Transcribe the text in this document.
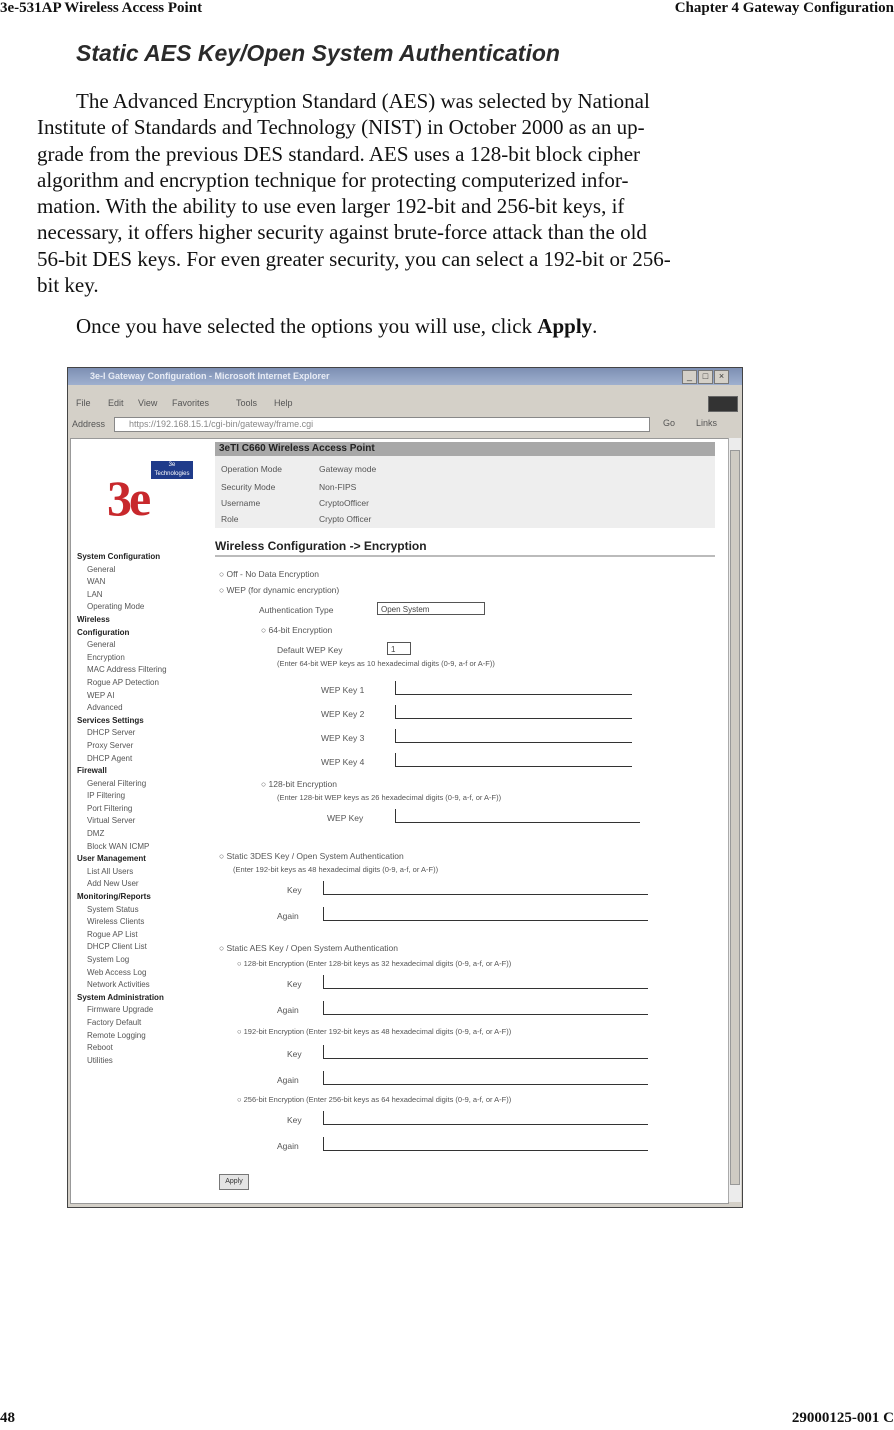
3e-531AP Wireless Access Point	Chapter 4 Gateway Configuration
Static AES Key/Open System Authentication

The Advanced Encryption Standard (AES) was selected by National
Institute of Standards and Technology (NIST) in October 2000 as an up-
grade from the previous DES standard. AES uses a 128-bit block cipher
algorithm and encryption technique for protecting computerized infor-
mation. With the ability to use even larger 192-bit and 256-bit keys, if
necessary, it offers higher security against brute-force attack than the old
56-bit DES keys. For even greater security, you can select a 192-bit or 256-
bit key.

Once you have selected the options you will use, click Apply.
3e-I Gateway Configuration - Microsoft Internet Explorer	_	□	×
File Edit View Favorites	Tools Help
Address	https://192.168.15.1/cgi-bin/gateway/frame.cgi	Go Links
3e
3e Technologies
System Configuration
General
WAN
LAN
Operating Mode
Wireless
Configuration
General
Encryption
MAC Address Filtering
Rogue AP Detection
WEP AI
Advanced
Services Settings
DHCP Server
Proxy Server
DHCP Agent
Firewall
General Filtering
IP Filtering
Port Filtering
Virtual Server
DMZ
Block WAN ICMP
User Management
List All Users
Add New User
Monitoring/Reports
System Status
Wireless Clients
Rogue AP List
DHCP Client List
System Log
Web Access Log
Network Activities
System Administration
Firmware Upgrade
Factory Default
Remote Logging
Reboot
Utilities
3eTI C660 Wireless Access Point
Operation Mode	Gateway mode
Security Mode	Non-FIPS
Username	CryptoOfficer
Role	Crypto Officer
Wireless Configuration -> Encryption
○ Off - No Data Encryption
○ WEP (for dynamic encryption)
Authentication Type	Open System
○ 64-bit Encryption
Default WEP Key	1
(Enter 64-bit WEP keys as 10 hexadecimal digits (0-9, a-f or A-F))
WEP Key 1
WEP Key 2
WEP Key 3
WEP Key 4
○ 128-bit Encryption
(Enter 128-bit WEP keys as 26 hexadecimal digits (0-9, a-f, or A-F))
WEP Key
○ Static 3DES Key / Open System Authentication
(Enter 192-bit keys as 48 hexadecimal digits (0-9, a-f, or A-F))
Key
Again
○ Static AES Key / Open System Authentication
○ 128-bit Encryption (Enter 128-bit keys as 32 hexadecimal digits (0-9, a-f, or A-F))
Key
Again
○ 192-bit Encryption (Enter 192-bit keys as 48 hexadecimal digits (0-9, a-f, or A-F))
Key
Again
○ 256-bit Encryption (Enter 256-bit keys as 64 hexadecimal digits (0-9, a-f, or A-F))
Key
Again
Apply
48	29000125-001 C
